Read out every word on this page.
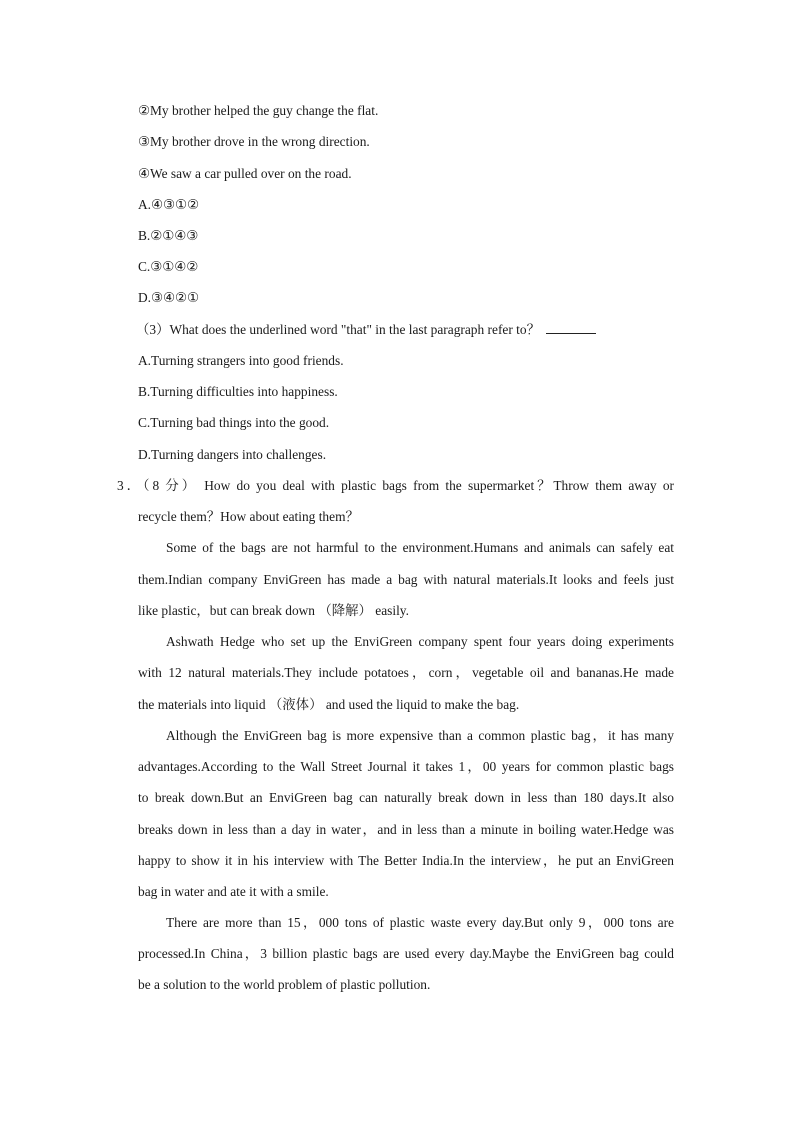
②My brother helped the guy change the flat.
③My brother drove in the wrong direction.
④We saw a car pulled over on the road.
A.④③①②
B.②①④③
C.③①④②
D.③④②①
（3）What does the underlined word "that" in the last paragraph refer to？
A.Turning strangers into good friends.
B.Turning difficulties into happiness.
C.Turning bad things into the good.
D.Turning dangers into challenges.
3．（8 分） How do you deal with plastic bags from the supermarket？Throw them away or
recycle them？How about eating them？
Some of the bags are not harmful to the environment.Humans and animals can safely eat
them.Indian company EnviGreen has made a bag with natural materials.It looks and feels just
like plastic，but can break down （降解） easily.
Ashwath Hedge who set up the EnviGreen company spent four years doing experiments
with 12 natural materials.They include potatoes，corn，vegetable oil and bananas.He made
the materials into liquid （液体） and used the liquid to make the bag.
Although the EnviGreen bag is more expensive than a common plastic bag，it has many
advantages.According to the Wall Street Journal it takes 1，00 years for common plastic bags
to break down.But an EnviGreen bag can naturally break down in less than 180 days.It also
breaks down in less than a day in water，and in less than a minute in boiling water.Hedge was
happy to show it in his interview with The Better India.In the interview，he put an EnviGreen
bag in water and ate it with a smile.
There are more than 15，000 tons of plastic waste every day.But only 9，000 tons are
processed.In China，3 billion plastic bags are used every day.Maybe the EnviGreen bag could
be a solution to the world problem of plastic pollution.
